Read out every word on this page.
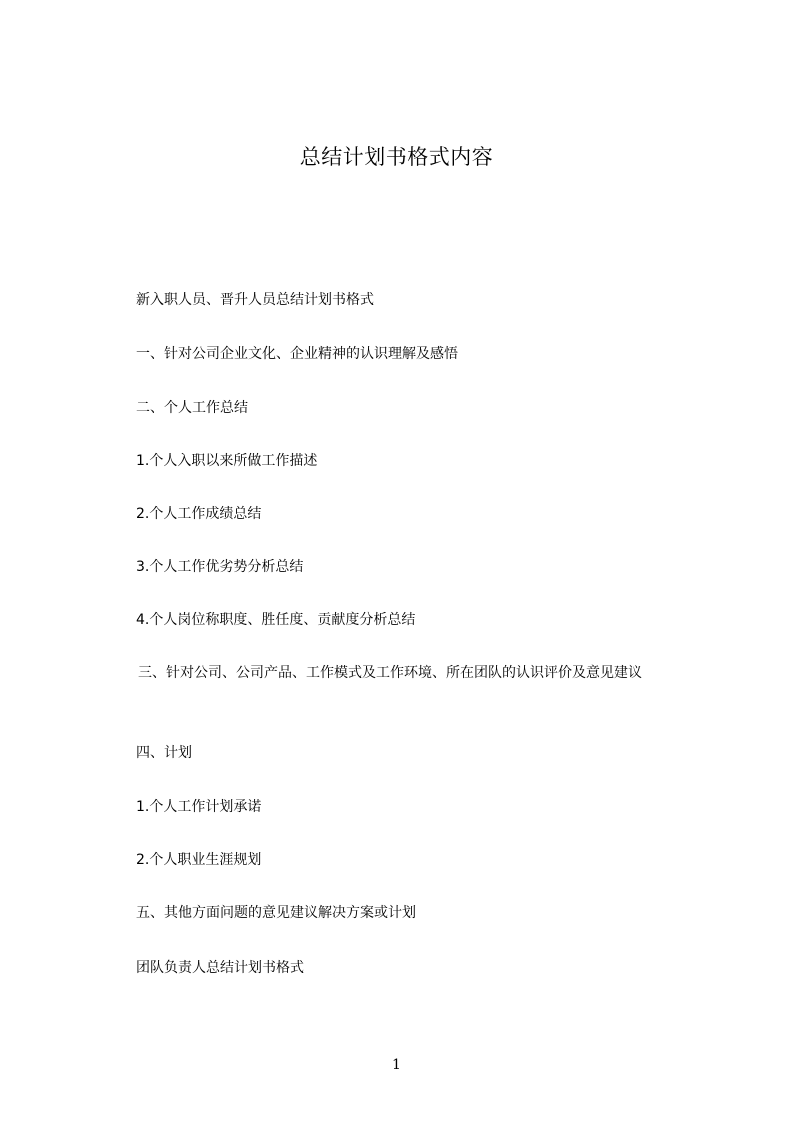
总结计划书格式内容
新入职人员、晋升人员总结计划书格式
一、针对公司企业文化、企业精神的认识理解及感悟
二、个人工作总结
1.个人入职以来所做工作描述
2.个人工作成绩总结
3.个人工作优劣势分析总结
4.个人岗位称职度、胜任度、贡献度分析总结
三、针对公司、公司产品、工作模式及工作环境、所在团队的认识评价及意见建议
四、计划
1.个人工作计划承诺
2.个人职业生涯规划
五、其他方面问题的意见建议解决方案或计划
团队负责人总结计划书格式
1
